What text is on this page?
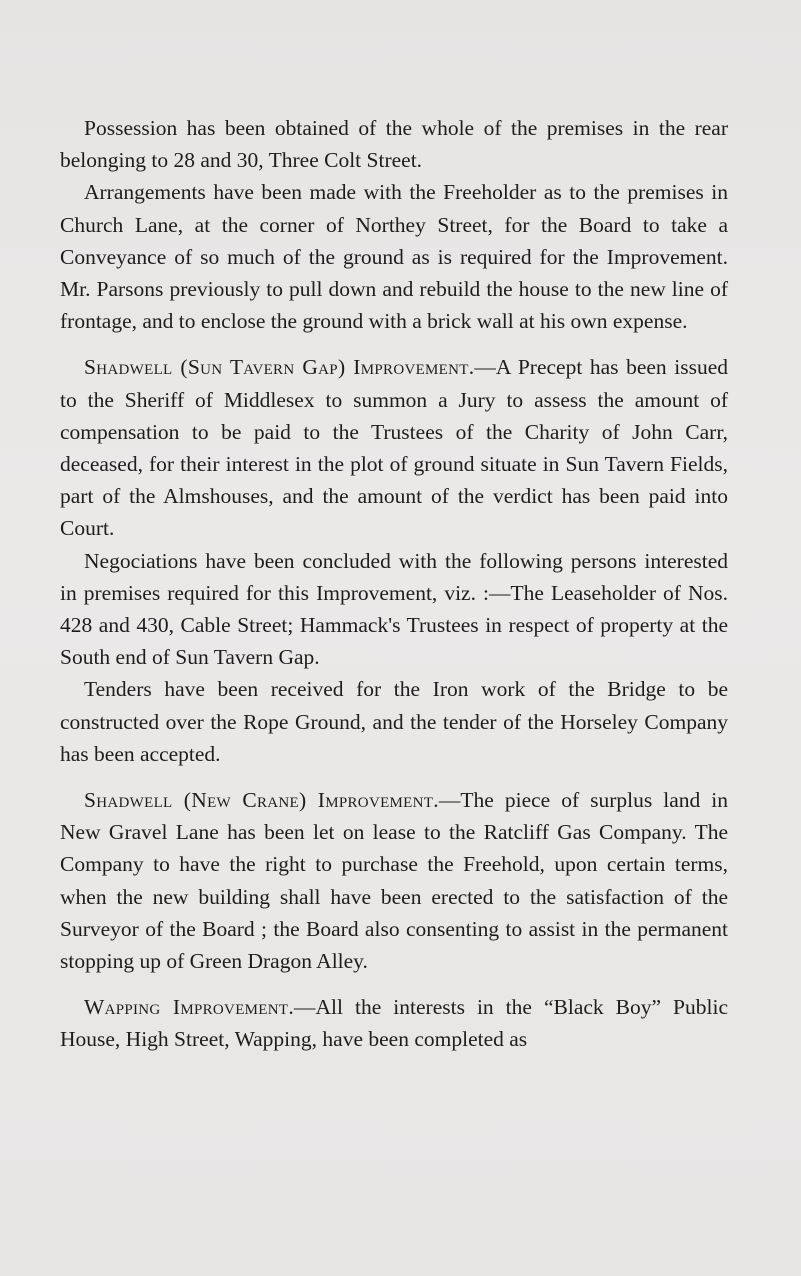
Possession has been obtained of the whole of the premises in the rear belonging to 28 and 30, Three Colt Street.

Arrangements have been made with the Freeholder as to the premises in Church Lane, at the corner of Northey Street, for the Board to take a Conveyance of so much of the ground as is required for the Improvement. Mr. Parsons previously to pull down and rebuild the house to the new line of frontage, and to enclose the ground with a brick wall at his own expense.

Shadwell (Sun Tavern Gap) Improvement.—A Precept has been issued to the Sheriff of Middlesex to summon a Jury to assess the amount of compensation to be paid to the Trustees of the Charity of John Carr, deceased, for their interest in the plot of ground situate in Sun Tavern Fields, part of the Almshouses, and the amount of the verdict has been paid into Court.

Negociations have been concluded with the following persons interested in premises required for this Improvement, viz. :—The Leaseholder of Nos. 428 and 430, Cable Street; Hammack's Trustees in respect of property at the South end of Sun Tavern Gap.

Tenders have been received for the Iron work of the Bridge to be constructed over the Rope Ground, and the tender of the Horseley Company has been accepted.

Shadwell (New Crane) Improvement.—The piece of surplus land in New Gravel Lane has been let on lease to the Ratcliff Gas Company. The Company to have the right to purchase the Freehold, upon certain terms, when the new building shall have been erected to the satisfaction of the Surveyor of the Board ; the Board also consenting to assist in the permanent stopping up of Green Dragon Alley.

Wapping Improvement.—All the interests in the “Black Boy” Public House, High Street, Wapping, have been completed as
